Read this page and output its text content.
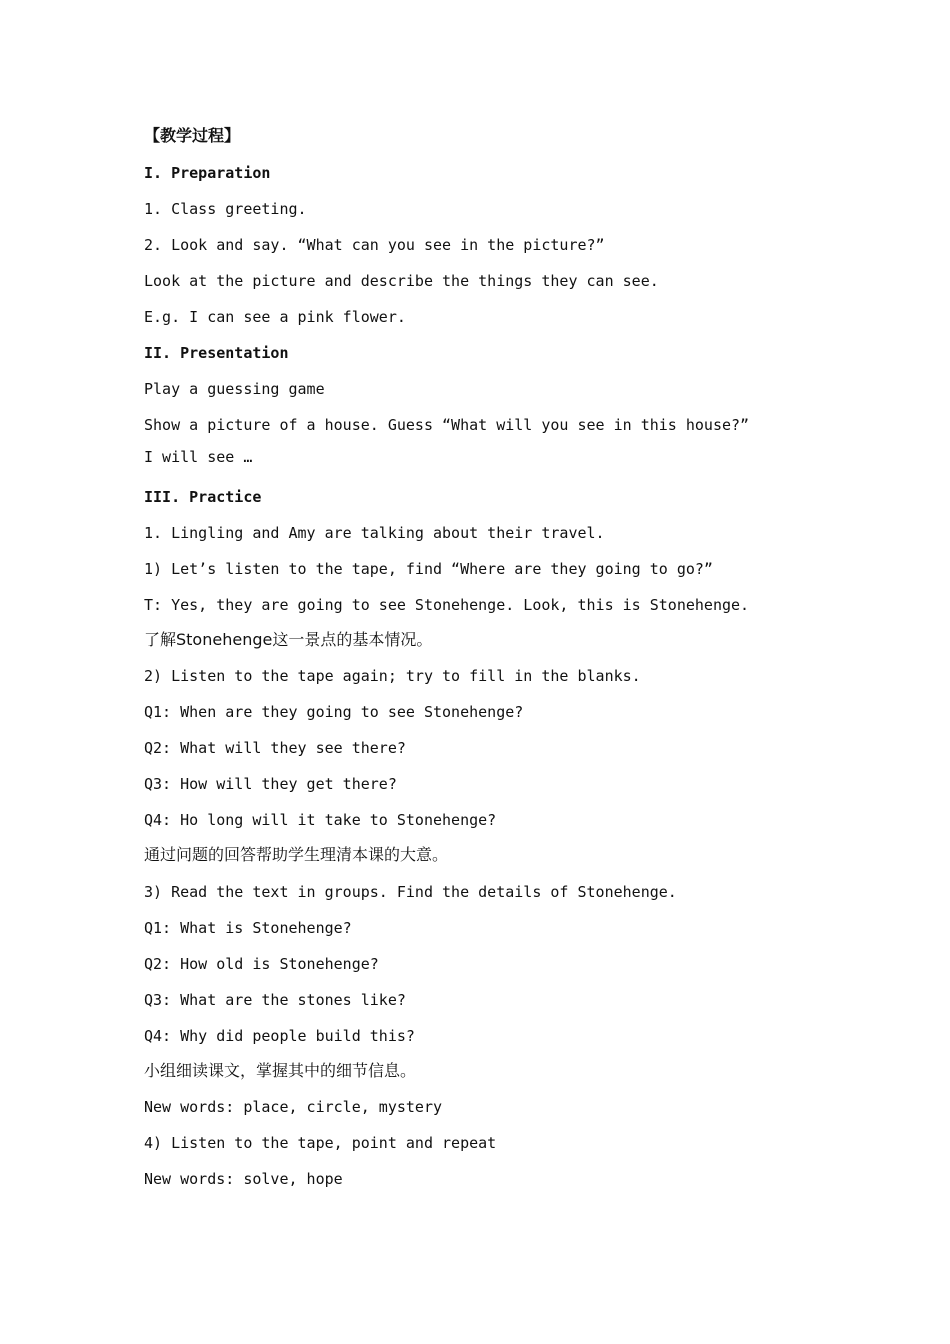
【教学过程】
I. Preparation
1. Class greeting.
2. Look and say. “What can you see in the picture?”
Look at the picture and describe the things they can see.
E.g. I can see a pink flower.
II. Presentation
Play a guessing game
Show a picture of a house. Guess “What will you see in this house?”
I will see …
III. Practice
1. Lingling and Amy are talking about their travel.
1) Let’s listen to the tape, find “Where are they going to go?”
T: Yes, they are going to see Stonehenge. Look, this is Stonehenge.
了解Stonehenge这一景点的基本情况。
2) Listen to the tape again; try to fill in the blanks.
Q1: When are they going to see Stonehenge?
Q2: What will they see there?
Q3: How will they get there?
Q4: Ho long will it take to Stonehenge?
通过问题的回答帮助学生理清本课的大意。
3) Read the text in groups. Find the details of Stonehenge.
Q1: What is Stonehenge?
Q2: How old is Stonehenge?
Q3: What are the stones like?
Q4: Why did people build this?
小组细读课文，掌握其中的细节信息。
New words: place, circle, mystery
4) Listen to the tape, point and repeat
New words: solve, hope
